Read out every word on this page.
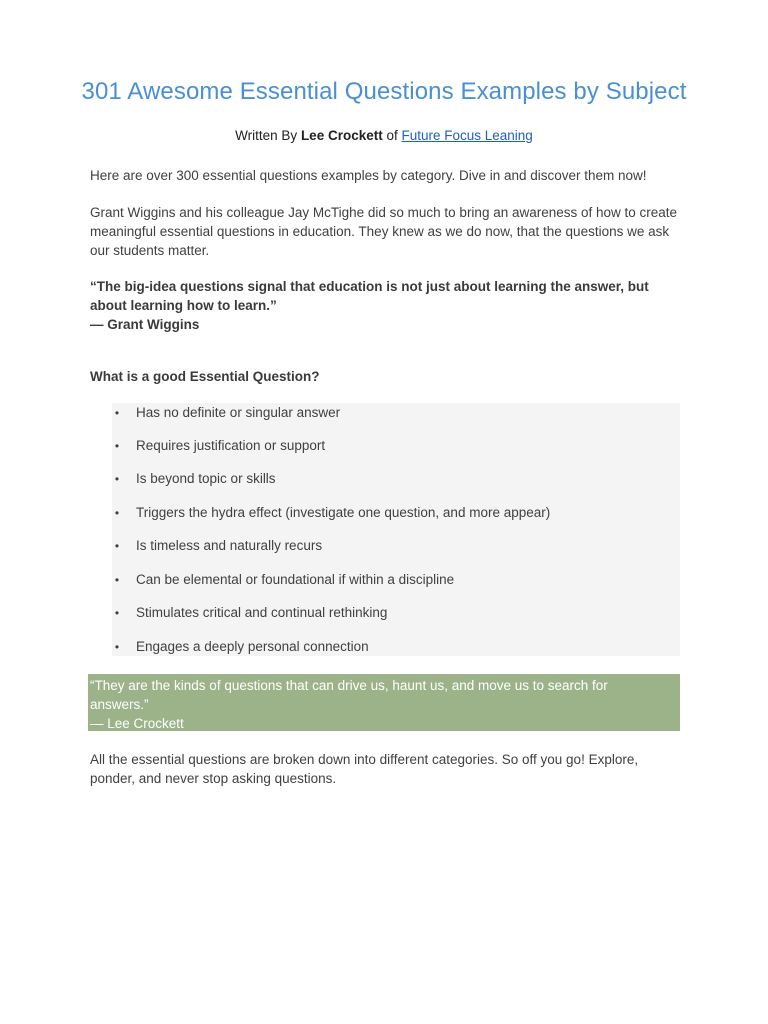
301 Awesome Essential Questions Examples by Subject
Written By Lee Crockett of Future Focus Leaning

Here are over 300 essential questions examples by category. Dive in and discover them now!

Grant Wiggins and his colleague Jay McTighe did so much to bring an awareness of how to create meaningful essential questions in education. They knew as we do now, that the questions we ask our students matter.

“The big-idea questions signal that education is not just about learning the answer, but about learning how to learn.”
— Grant Wiggins

What is a good Essential Question?

• Has no definite or singular answer
• Requires justification or support
• Is beyond topic or skills
• Triggers the hydra effect (investigate one question, and more appear)
• Is timeless and naturally recurs
• Can be elemental or foundational if within a discipline
• Stimulates critical and continual rethinking
• Engages a deeply personal connection
“They are the kinds of questions that can drive us, haunt us, and move us to search for answers.”
— Lee Crockett

All the essential questions are broken down into different categories. So off you go! Explore, ponder, and never stop asking questions.
